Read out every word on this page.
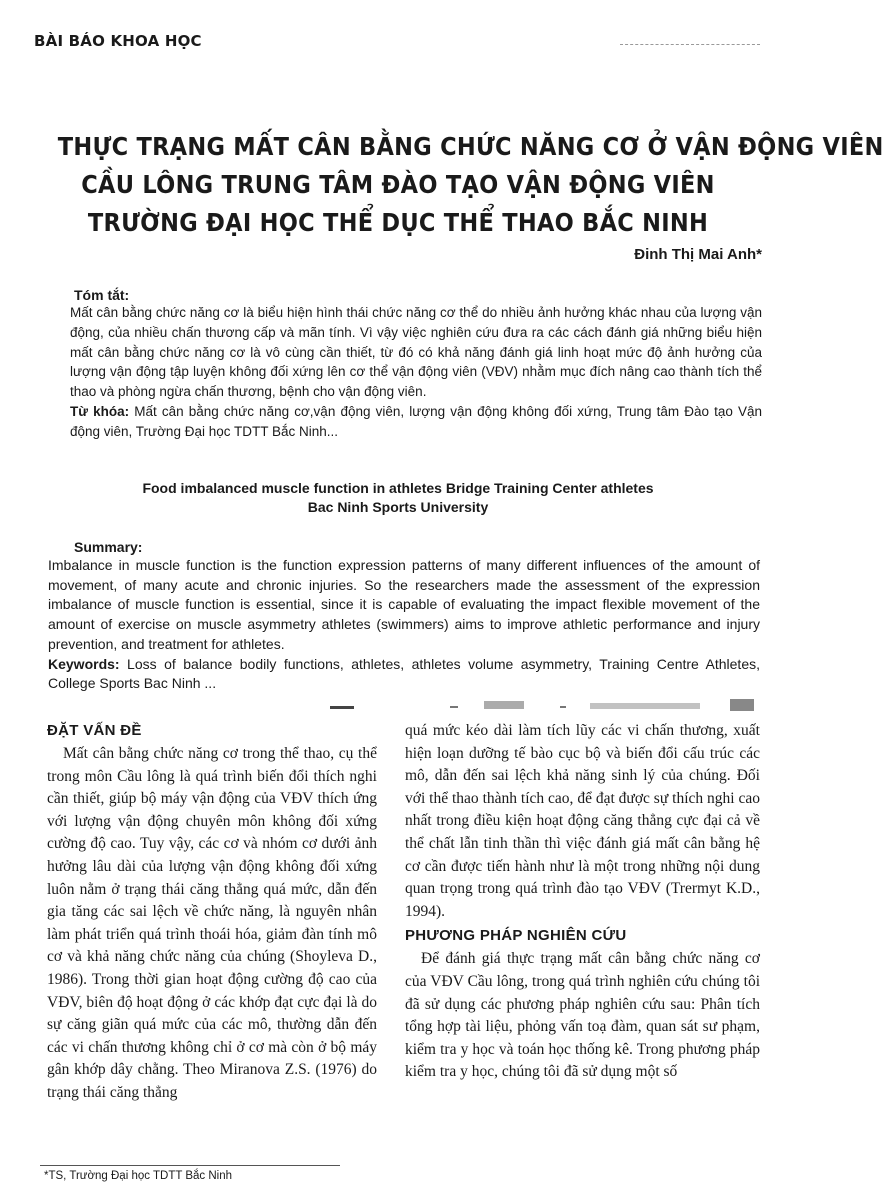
BÀI BÁO KHOA HỌC
THỰC TRẠNG MẤT CÂN BẰNG CHỨC NĂNG CƠ Ở VẬN ĐỘNG VIÊN
CẦU LÔNG TRUNG TÂM ĐÀO TẠO VẬN ĐỘNG VIÊN
TRƯỜNG ĐẠI HỌC THỂ DỤC THỂ THAO BẮC NINH
Đinh Thị Mai Anh*
Tóm tắt:

Mất cân bằng chức năng cơ là biểu hiện hình thái chức năng cơ thể do nhiều ảnh hưởng khác nhau của lượng vận động, của nhiều chấn thương cấp và mãn tính. Vì vậy việc nghiên cứu đưa ra các cách đánh giá những biểu hiện mất cân bằng chức năng cơ là vô cùng cần thiết, từ đó có khả năng đánh giá linh hoạt mức độ ảnh hưởng của lượng vận động tập luyện không đối xứng lên cơ thể vận động viên (VĐV) nhằm mục đích nâng cao thành tích thể thao và phòng ngừa chấn thương, bệnh cho vận động viên.

Từ khóa: Mất cân bằng chức năng cơ,vận động viên, lượng vận động không đối xứng, Trung tâm Đào tạo Vận động viên, Trường Đại học TDTT Bắc Ninh...

Food imbalanced muscle function in athletes Bridge Training Center athletes
Bac Ninh Sports University
Summary:

Imbalance in muscle function is the function expression patterns of many different influences of the amount of movement, of many acute and chronic injuries. So the researchers made the assessment of the expression imbalance of muscle function is essential, since it is capable of evaluating the impact flexible movement of the amount of exercise on muscle asymmetry athletes (swimmers) aims to improve athletic performance and injury prevention, and treatment for athletes.

Keywords: Loss of balance bodily functions, athletes, athletes volume asymmetry, Training Centre Athletes, College Sports Bac Ninh ...

ĐẶT VẤN ĐỀ

Mất cân bằng chức năng cơ trong thể thao, cụ thể trong môn Cầu lông là quá trình biến đổi thích nghi cần thiết, giúp bộ máy vận động của VĐV thích ứng với lượng vận động chuyên môn không đối xứng cường độ cao. Tuy vậy, các cơ và nhóm cơ dưới ảnh hưởng lâu dài của lượng vận động không đối xứng luôn nằm ở trạng thái căng thẳng quá mức, dẫn đến gia tăng các sai lệch về chức năng, là nguyên nhân làm phát triển quá trình thoái hóa, giảm đàn tính mô cơ và khả năng chức năng của chúng (Shoyleva D., 1986). Trong thời gian hoạt động cường độ cao của VĐV, biên độ hoạt động ở các khớp đạt cực đại là do sự căng giãn quá mức của các mô, thường dẫn đến các vi chấn thương không chỉ ở cơ mà còn ở bộ máy gân khớp dây chằng. Theo Miranova Z.S. (1976) do trạng thái căng thẳng

quá mức kéo dài làm tích lũy các vi chấn thương, xuất hiện loạn dưỡng tế bào cục bộ và biến đổi cấu trúc các mô, dẫn đến sai lệch khả năng sinh lý của chúng. Đối với thể thao thành tích cao, để đạt được sự thích nghi cao nhất trong điều kiện hoạt động căng thẳng cực đại cả về thể chất lẫn tinh thần thì việc đánh giá mất cân bằng hệ cơ cần được tiến hành như là một trong những nội dung quan trọng trong quá trình đào tạo VĐV (Trermyt K.D., 1994).

PHƯƠNG PHÁP NGHIÊN CỨU

Để đánh giá thực trạng mất cân bằng chức năng cơ của VĐV Cầu lông, trong quá trình nghiên cứu chúng tôi đã sử dụng các phương pháp nghiên cứu sau: Phân tích tổng hợp tài liệu, phỏng vấn toạ đàm, quan sát sư phạm, kiểm tra y học và toán học thống kê. Trong phương pháp kiểm tra y học, chúng tôi đã sử dụng một số

*TS, Trường Đại học TDTT Bắc Ninh
